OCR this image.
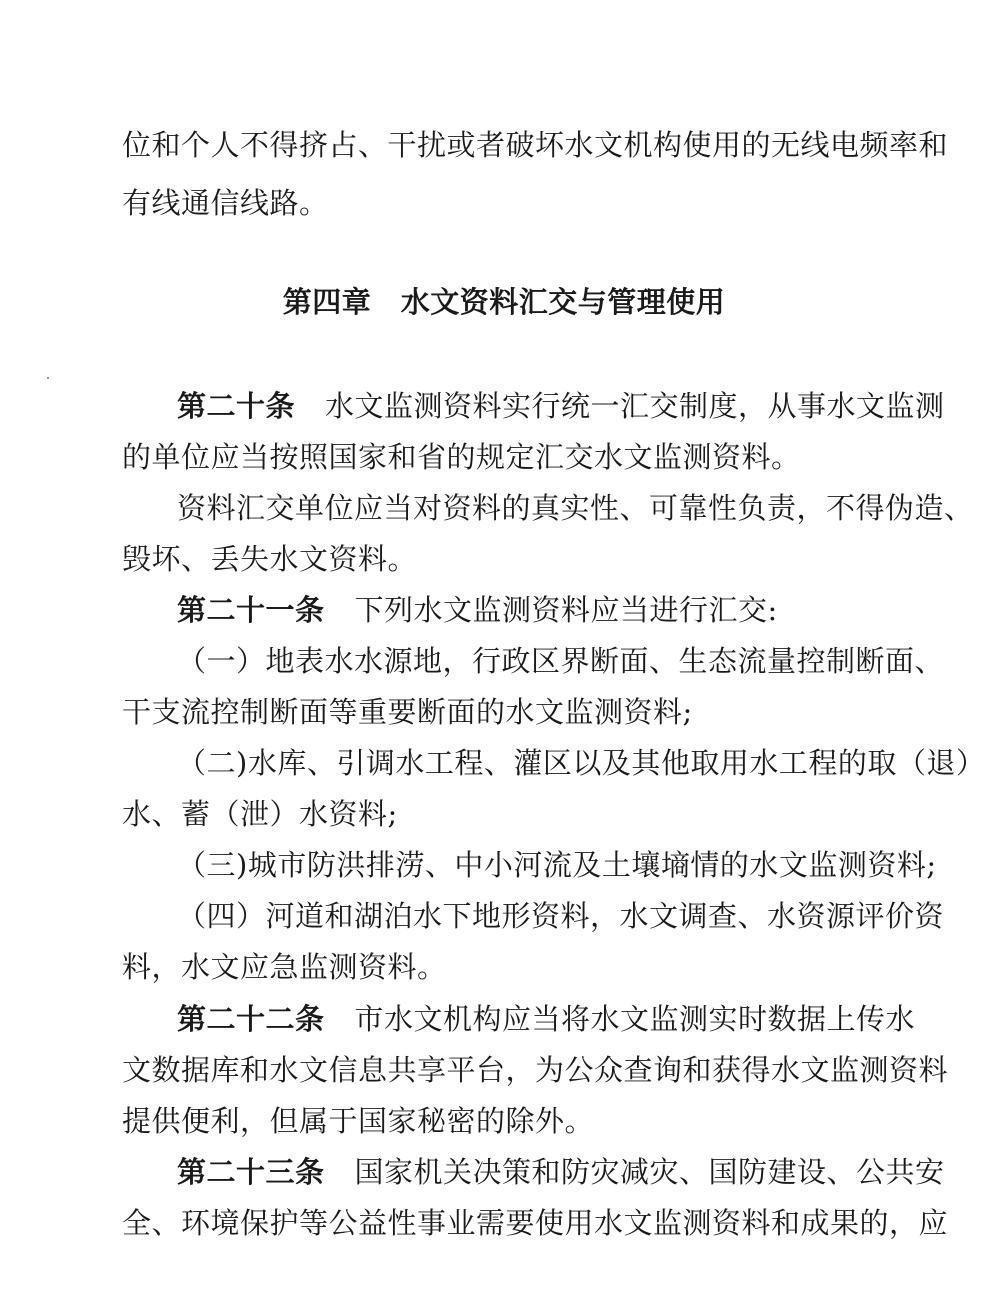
位和个人不得挤占、干扰或者破坏水文机构使用的无线电频率和
有线通信线路。
第四章　水文资料汇交与管理使用
第二十条 水文监测资料实行统一汇交制度，从事水文监测
的单位应当按照国家和省的规定汇交水文监测资料。
资料汇交单位应当对资料的真实性、可靠性负责，不得伪造、
毁坏、丢失水文资料。
第二十一条 下列水文监测资料应当进行汇交:
（一）地表水水源地，行政区界断面、生态流量控制断面、
干支流控制断面等重要断面的水文监测资料;
（二)水库、引调水工程、灌区以及其他取用水工程的取（退）
水、蓄（泄）水资料;
（三)城市防洪排涝、中小河流及土壤墒情的水文监测资料;
（四）河道和湖泊水下地形资料，水文调查、水资源评价资
料，水文应急监测资料。
第二十二条 市水文机构应当将水文监测实时数据上传水
文数据库和水文信息共享平台，为公众查询和获得水文监测资料
提供便利，但属于国家秘密的除外。
第二十三条 国家机关决策和防灾减灾、国防建设、公共安
全、环境保护等公益性事业需要使用水文监测资料和成果的，应
